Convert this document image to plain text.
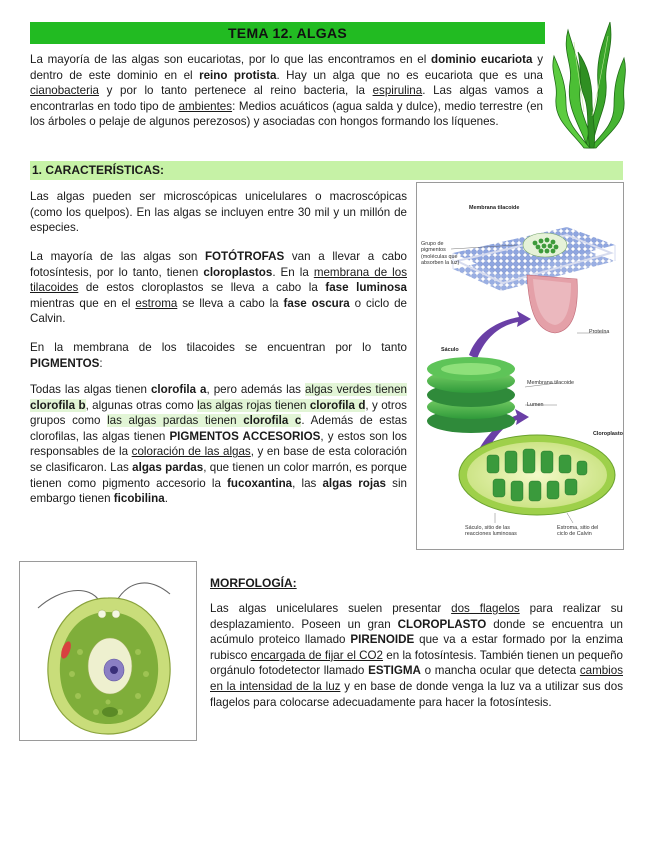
TEMA 12. ALGAS
La mayoría de las algas son eucariotas, por lo que las encontramos en el dominio eucariota y dentro de este dominio en el reino protista. Hay un alga que no es eucariota que es una cianobacteria y por lo tanto pertenece al reino bacteria, la espirulina. Las algas vamos a encontrarlas en todo tipo de ambientes: Medios acuáticos (agua salda y dulce), medio terrestre (en los árboles o pelaje de algunos perezosos) y asociadas con hongos formando los líquenes.
1. CARACTERÍSTICAS:
Las algas pueden ser microscópicas unicelulares o macroscópicas (como los quelpos). En las algas se incluyen entre 30 mil y un millón de especies.
La mayoría de las algas son FOTÓTROFAS van a llevar a cabo fotosíntesis, por lo tanto, tienen cloroplastos. En la membrana de los tilacoides de estos cloroplastos se lleva a cabo la fase luminosa mientras que en el estroma se lleva a cabo la fase oscura o ciclo de Calvin.
En la membrana de los tilacoides se encuentran por lo tanto PIGMENTOS:
Todas las algas tienen clorofila a, pero además las algas verdes tienen clorofila b, algunas otras como las algas rojas tienen clorofila d, y otros grupos como las algas pardas tienen clorofila c. Además de estas clorofilas, las algas tienen PIGMENTOS ACCESORIOS, y estos son los responsables de la coloración de las algas, y en base de esta coloración se clasificaron. Las algas pardas, que tienen un color marrón, es porque tienen como pigmento accesorio la fucoxantina, las algas rojas sin embargo tienen ficobilina.
Membrana tilacoide
Grupo de pigmentos (moléculas que absorben la luz)
Proteína
Sáculo
Membrana tilacoide
Lumen
Cloroplasto
Sáculo, sitio de las reacciones luminosas
Estroma, sitio del ciclo de Calvin
MORFOLOGÍA:
Las algas unicelulares suelen presentar dos flagelos para realizar su desplazamiento. Poseen un gran CLOROPLASTO donde se encuentra un acúmulo proteico llamado PIRENOIDE que va a estar formado por la enzima rubisco encargada de fijar el CO2 en la fotosíntesis. También tienen un pequeño orgánulo fotodetector llamado ESTIGMA o mancha ocular que detecta cambios en la intensidad de la luz y en base de donde venga la luz va a utilizar sus dos flagelos para colocarse adecuadamente para hacer la fotosíntesis.
